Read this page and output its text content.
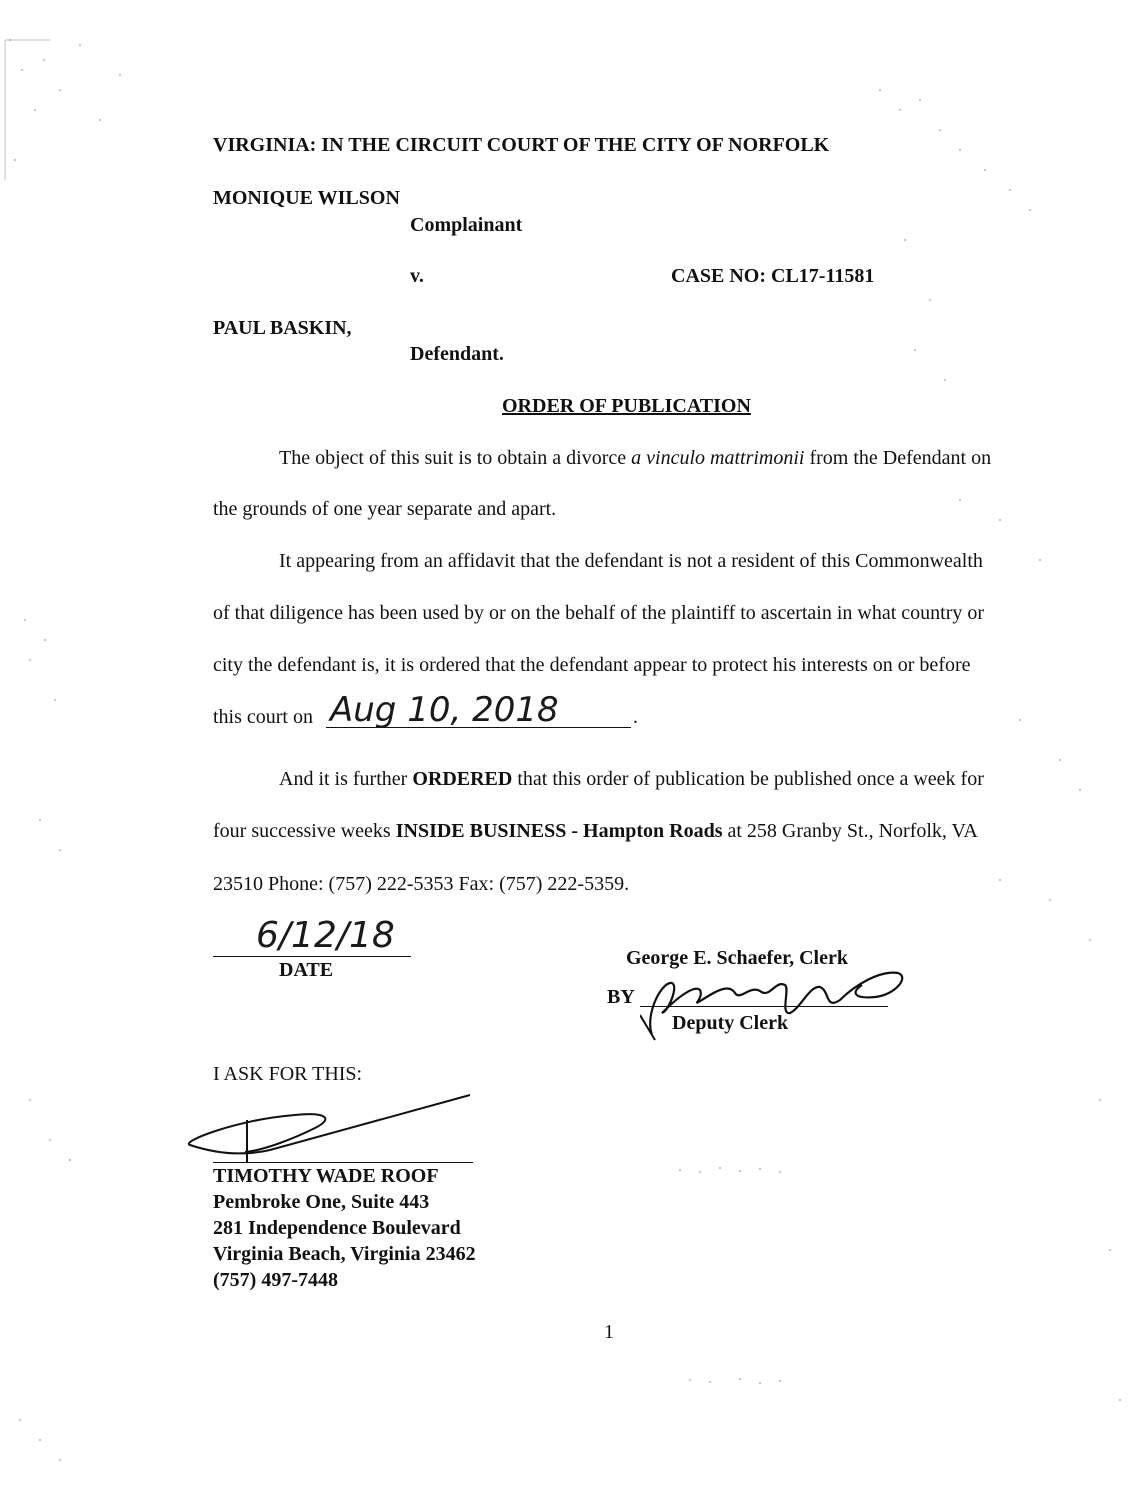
VIRGINIA: IN THE CIRCUIT COURT OF THE CITY OF NORFOLK
MONIQUE WILSON
Complainant
v.	CASE NO: CL17-11581
PAUL BASKIN,
Defendant.
ORDER OF PUBLICATION
The object of this suit is to obtain a divorce a vinculo mattrimonii from the Defendant on
the grounds of one year separate and apart.
It appearing from an affidavit that the defendant is not a resident of this Commonwealth
of that diligence has been used by or on the behalf of the plaintiff to ascertain in what country or
city the defendant is, it is ordered that the defendant appear to protect his interests on or before
this court on	.
Aug 10, 2018
And it is further ORDERED that this order of publication be published once a week for
four successive weeks INSIDE BUSINESS - Hampton Roads at 258 Granby St., Norfolk, VA
23510 Phone: (757) 222-5353 Fax: (757) 222-5359.
6/12/18
DATE
George E. Schaefer, Clerk
BY
Deputy Clerk
I ASK FOR THIS:
TIMOTHY WADE ROOF
Pembroke One, Suite 443
281 Independence Boulevard
Virginia Beach, Virginia 23462
(757) 497-7448
1
